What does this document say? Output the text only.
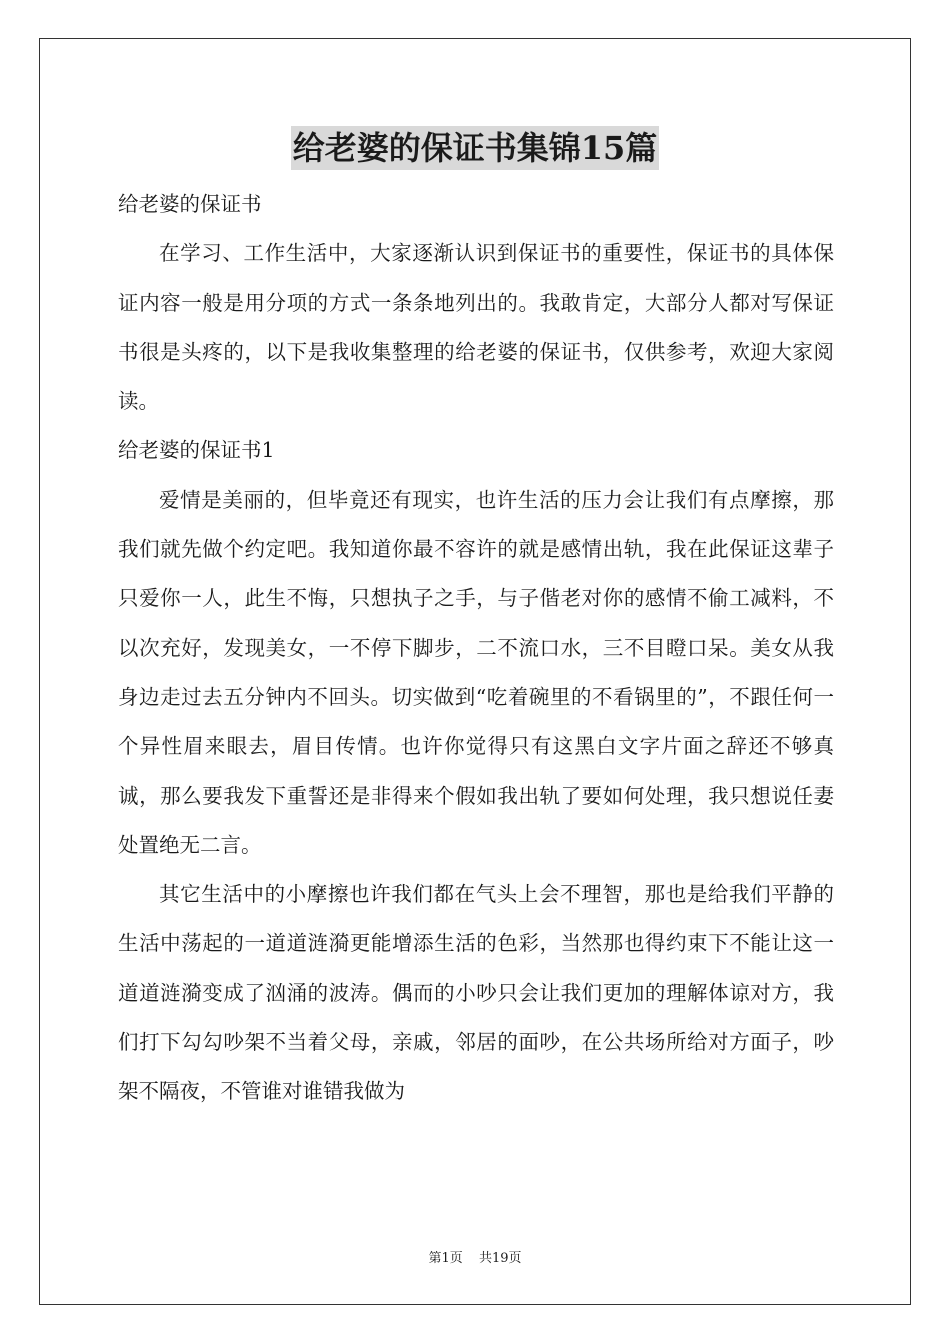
给老婆的保证书集锦15篇

给老婆的保证书

在学习、工作生活中，大家逐渐认识到保证书的重要性，保证书的具体保证内容一般是用分项的方式一条条地列出的。我敢肯定，大部分人都对写保证书很是头疼的，以下是我收集整理的给老婆的保证书，仅供参考，欢迎大家阅读。

给老婆的保证书1

爱情是美丽的，但毕竟还有现实，也许生活的压力会让我们有点摩擦，那我们就先做个约定吧。我知道你最不容许的就是感情出轨，我在此保证这辈子只爱你一人，此生不悔，只想执子之手，与子偕老对你的感情不偷工减料，不以次充好，发现美女，一不停下脚步，二不流口水，三不目瞪口呆。美女从我身边走过去五分钟内不回头。切实做到“吃着碗里的不看锅里的”，不跟任何一个异性眉来眼去，眉目传情。也许你觉得只有这黑白文字片面之辞还不够真诚，那么要我发下重誓还是非得来个假如我出轨了要如何处理，我只想说任妻处置绝无二言。

其它生活中的小摩擦也许我们都在气头上会不理智，那也是给我们平静的生活中荡起的一道道涟漪更能增添生活的色彩，当然那也得约束下不能让这一道道涟漪变成了汹涌的波涛。偶而的小吵只会让我们更加的理解体谅对方，我们打下勾勾吵架不当着父母，亲戚，邻居的面吵，在公共场所给对方面子，吵架不隔夜，不管谁对谁错我做为

第1页 共19页
